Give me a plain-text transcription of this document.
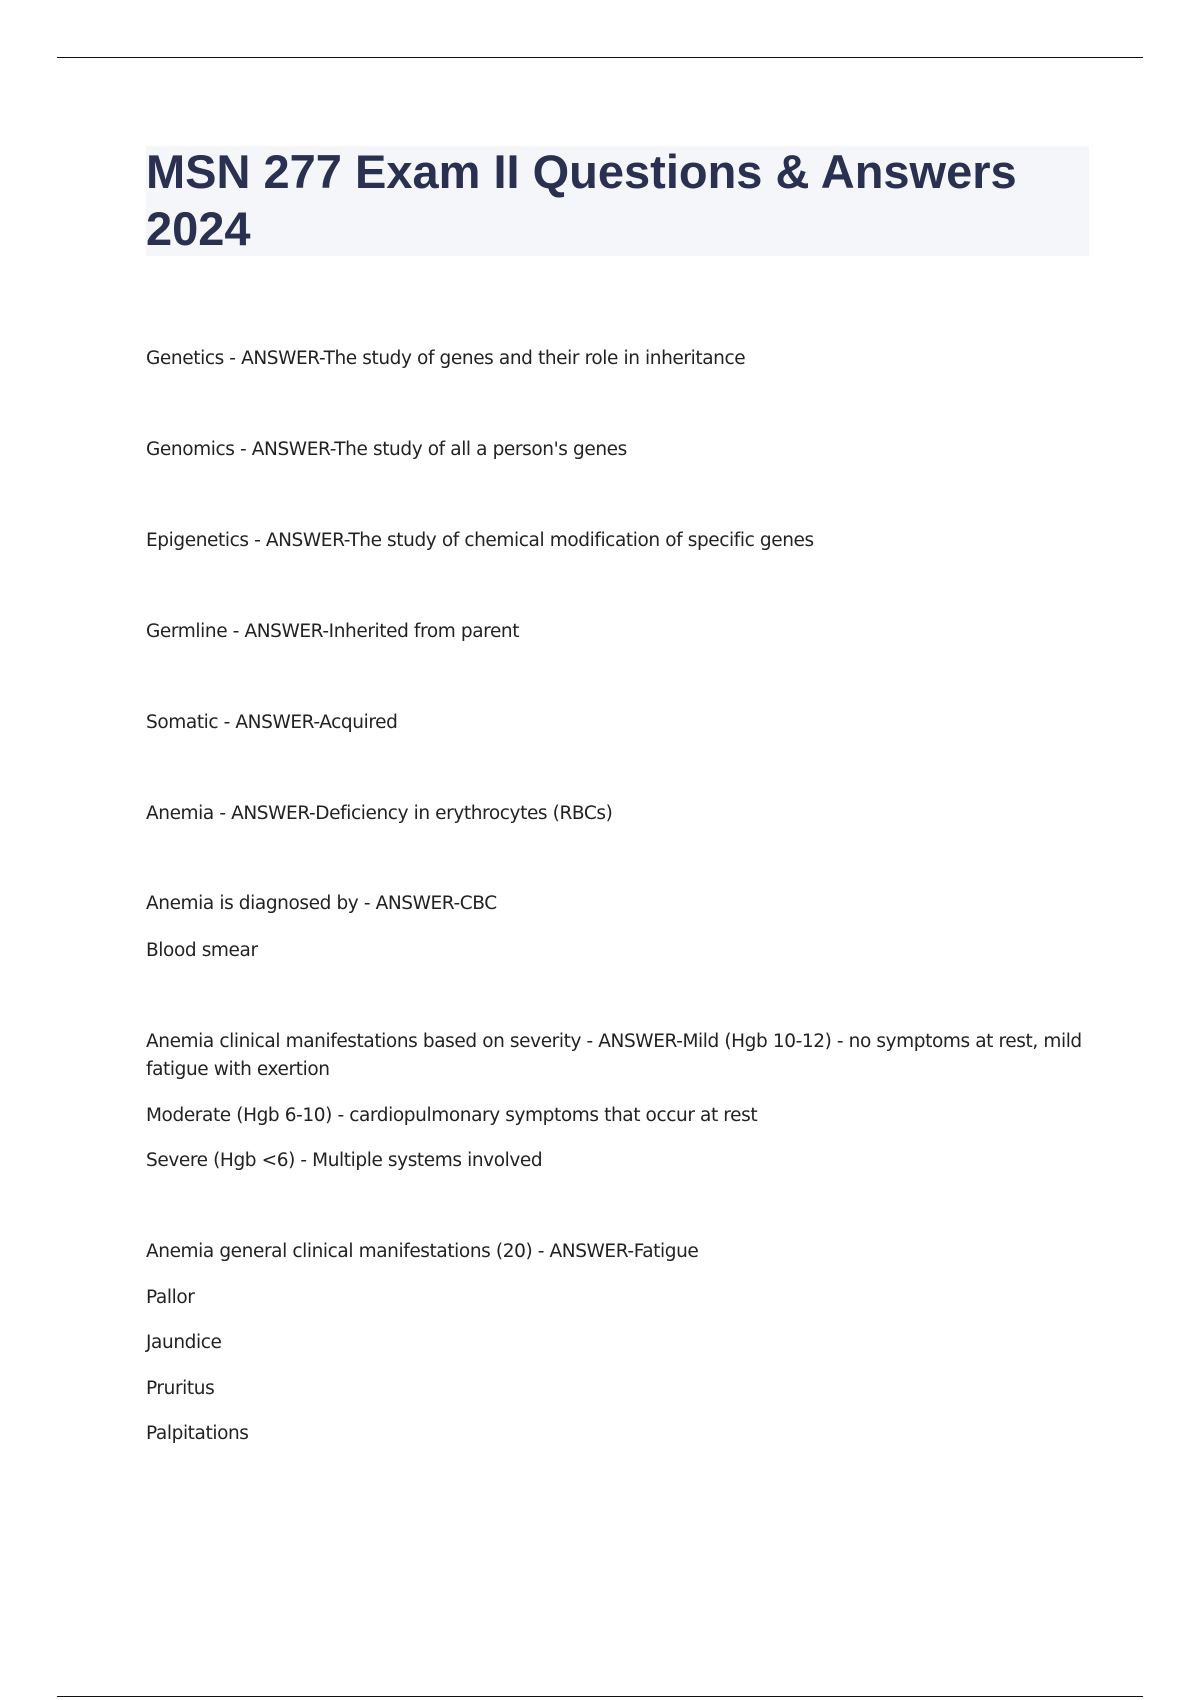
MSN 277 Exam II Questions & Answers 2024
Genetics - ANSWER-The study of genes and their role in inheritance
Genomics - ANSWER-The study of all a person's genes
Epigenetics - ANSWER-The study of chemical modification of specific genes
Germline - ANSWER-Inherited from parent
Somatic - ANSWER-Acquired
Anemia - ANSWER-Deficiency in erythrocytes (RBCs)
Anemia is diagnosed by - ANSWER-CBC
Blood smear
Anemia clinical manifestations based on severity - ANSWER-Mild (Hgb 10-12) - no symptoms at rest, mild fatigue with exertion
Moderate (Hgb 6-10) - cardiopulmonary symptoms that occur at rest
Severe (Hgb <6) - Multiple systems involved
Anemia general clinical manifestations (20) - ANSWER-Fatigue
Pallor
Jaundice
Pruritus
Palpitations
